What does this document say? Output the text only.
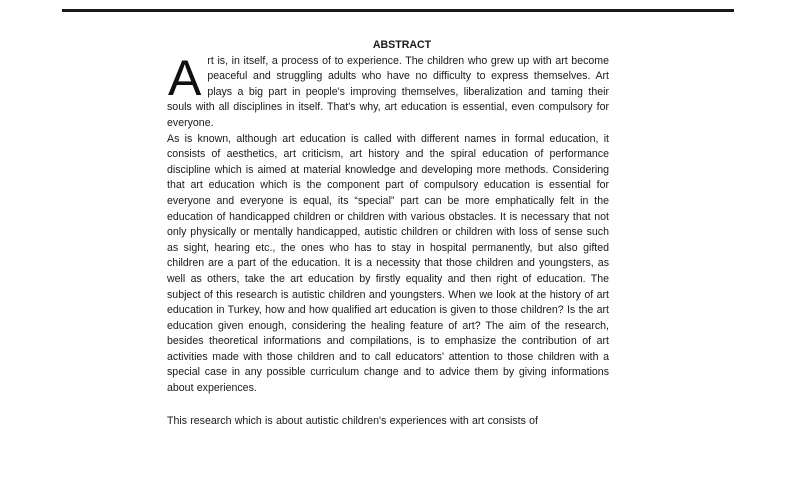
ABSTRACT
A rt is, in itself, a process of to experience. The children who grew up with art become peaceful and struggling adults who have no difficulty to express themselves. Art plays a big part in people's improving themselves, liberalization and taming their souls with all disciplines in itself. That's why, art education is essential, even compulsory for everyone.

As is known, although art education is called with different names in formal education, it consists of aesthetics, art criticism, art history and the spiral education of performance discipline which is aimed at material knowledge and developing more methods. Considering that art education which is the component part of compulsory education is essential for everyone and everyone is equal, its “special” part can be more emphatically felt in the education of handicapped children or children with various obstacles. It is necessary that not only physically or mentally handicapped, autistic children or children with loss of sense such as sight, hearing etc., the ones who has to stay in hospital permanently, but also gifted children are a part of the education. It is a necessity that those children and youngsters, as well as others, take the art education by firstly equality and then right of education. The subject of this research is autistic children and youngsters. When we look at the history of art education in Turkey, how and how qualified art education is given to those children? Is the art education given enough, considering the healing feature of art? The aim of the research, besides theoretical informations and compilations, is to emphasize the contribution of art activities made with those children and to call educators' attention to those children with a special case in any possible curriculum change and to advice them by giving informations about experiences.

This research which is about autistic children's experiences with art consists of
